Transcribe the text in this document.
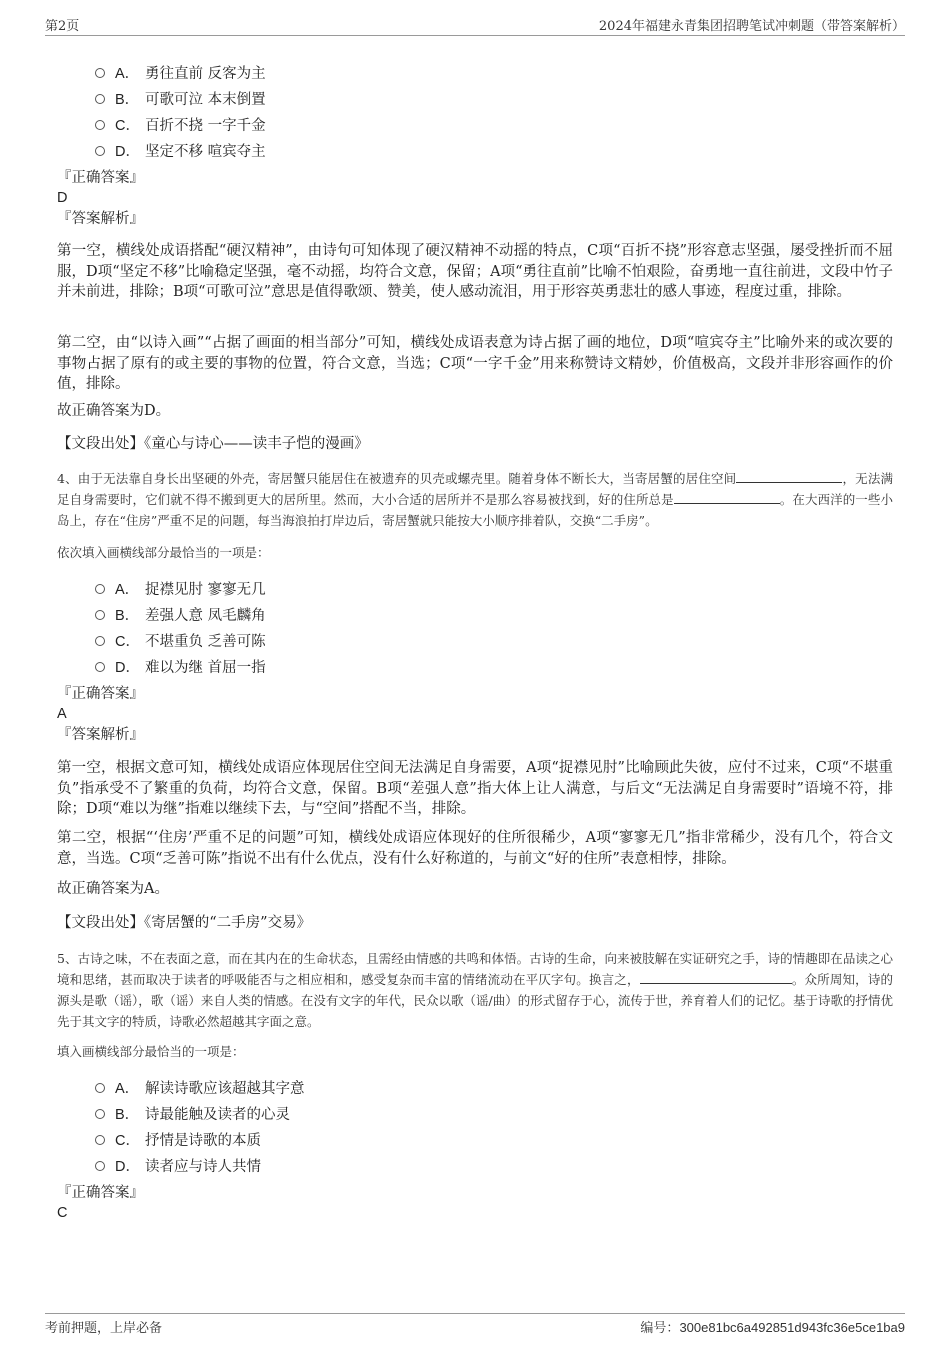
第2页	2024年福建永青集团招聘笔试冲刺题（带答案解析）
A． 勇往直前 反客为主
B． 可歌可泣 本末倒置
C． 百折不挠 一字千金
D． 坚定不移 喧宾夺主
『正确答案』
D
『答案解析』

第一空，横线处成语搭配“硬汉精神”，由诗句可知体现了硬汉精神不动摇的特点，C项“百折不挠”形容意志坚强，屡受挫折而不屈服，D项“坚定不移”比喻稳定坚强，毫不动摇，均符合文意，保留；A项“勇往直前”比喻不怕艰险，奋勇地一直往前进，文段中竹子并未前进，排除；B项“可歌可泣”意思是值得歌颂、赞美，使人感动流泪，用于形容英勇悲壮的感人事迹，程度过重，排除。

第二空，由“以诗入画”“占据了画面的相当部分”可知，横线处成语表意为诗占据了画的地位，D项“喧宾夺主”比喻外来的或次要的事物占据了原有的或主要的事物的位置，符合文意，当选；C项“一字千金”用来称赞诗文精妙，价值极高，文段并非形容画作的价值，排除。

故正确答案为D。

【文段出处】《童心与诗心——读丰子恺的漫画》

4、由于无法靠自身长出坚硬的外壳，寄居蟹只能居住在被遗弃的贝壳或螺壳里。随着身体不断长大，当寄居蟹的居住空间	，无法满足自身需要时，它们就不得不搬到更大的居所里。然而，大小合适的居所并不是那么容易被找到，好的住所总是	。在大西洋的一些小岛上，存在“住房”严重不足的问题，每当海浪拍打岸边后，寄居蟹就只能按大小顺序排着队，交换“二手房”。

依次填入画横线部分最恰当的一项是：

A． 捉襟见肘 寥寥无几
B． 差强人意 凤毛麟角
C． 不堪重负 乏善可陈
D． 难以为继 首屈一指
『正确答案』
A
『答案解析』

第一空，根据文意可知，横线处成语应体现居住空间无法满足自身需要，A项“捉襟见肘”比喻顾此失彼，应付不过来，C项“不堪重负”指承受不了繁重的负荷，均符合文意，保留。B项“差强人意”指大体上让人满意，与后文“无法满足自身需要时”语境不符，排除；D项“难以为继”指难以继续下去，与“空间”搭配不当，排除。

第二空，根据“‘住房’严重不足的问题”可知，横线处成语应体现好的住所很稀少，A项“寥寥无几”指非常稀少，没有几个，符合文意，当选。C项“乏善可陈”指说不出有什么优点，没有什么好称道的，与前文“好的住所”表意相悖，排除。

故正确答案为A。

【文段出处】《寄居蟹的“二手房”交易》

5、古诗之味，不在表面之意，而在其内在的生命状态，且需经由情感的共鸣和体悟。古诗的生命，向来被肢解在实证研究之手，诗的情趣即在品读之心境和思绪，甚而取决于读者的呼吸能否与之相应相和，感受复杂而丰富的情绪流动在平仄字句。换言之，	。众所周知，诗的源头是歌（谣），歌（谣）来自人类的情感。在没有文字的年代，民众以歌（谣/曲）的形式留存于心，流传于世，养育着人们的记忆。基于诗歌的抒情优先于其文字的特质，诗歌必然超越其字面之意。

填入画横线部分最恰当的一项是：

A． 解读诗歌应该超越其字意
B． 诗最能触及读者的心灵
C． 抒情是诗歌的本质
D． 读者应与诗人共情
『正确答案』
C
考前押题，上岸必备	编号：300e81bc6a492851d943fc36e5ce1ba9
